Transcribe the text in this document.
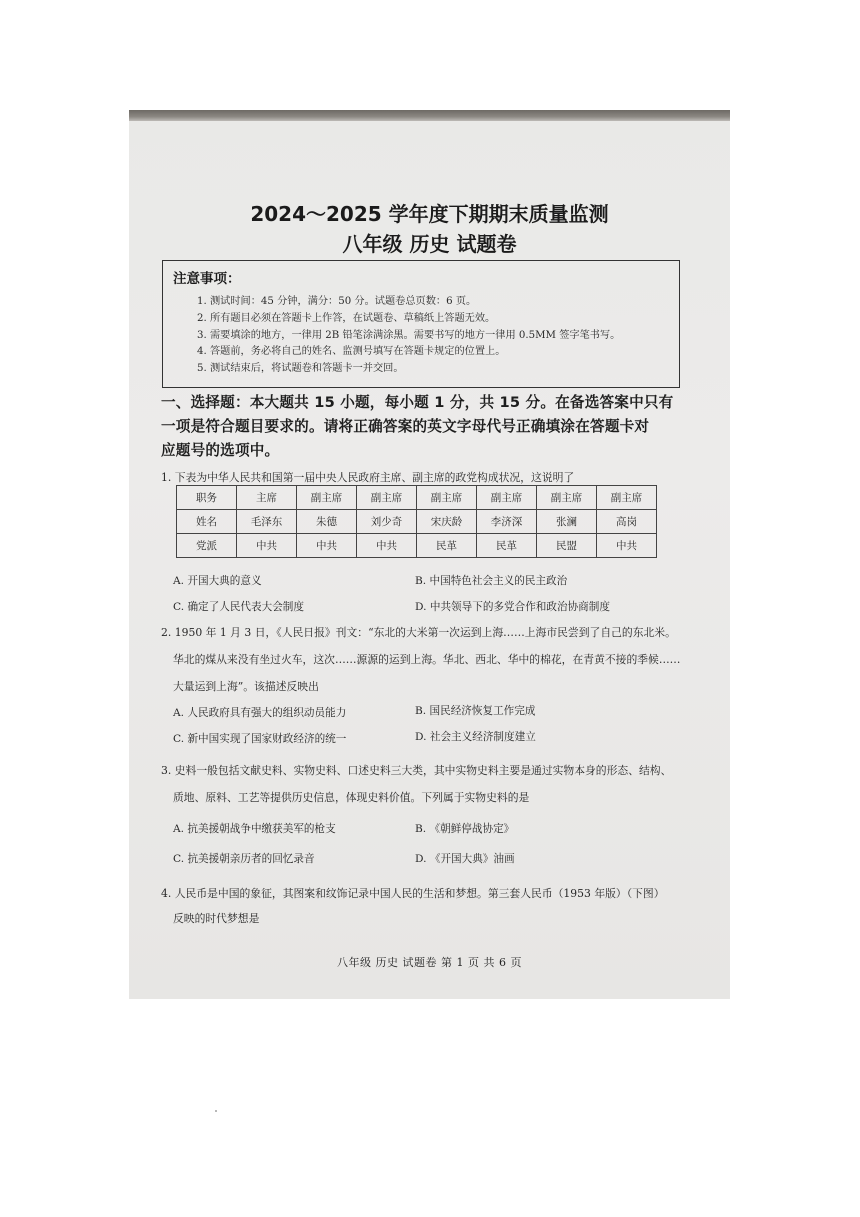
2024～2025 学年度下期期末质量监测
八年级 历史 试题卷
注意事项：
1. 测试时间：45 分钟，满分：50 分。试题卷总页数：6 页。
2. 所有题目必须在答题卡上作答，在试题卷、草稿纸上答题无效。
3. 需要填涂的地方，一律用 2B 铅笔涂满涂黑。需要书写的地方一律用 0.5MM 签字笔书写。
4. 答题前，务必将自己的姓名、监测号填写在答题卡规定的位置上。
5. 测试结束后，将试题卷和答题卡一并交回。
一、选择题：本大题共 15 小题，每小题 1 分，共 15 分。在备选答案中只有
一项是符合题目要求的。请将正确答案的英文字母代号正确填涂在答题卡对
应题号的选项中。
1. 下表为中华人民共和国第一届中央人民政府主席、副主席的政党构成状况，这说明了
职务	主席	副主席	副主席	副主席	副主席	副主席	副主席
姓名	毛泽东	朱德	刘少奇	宋庆龄	李济深	张澜	高岗
党派	中共	中共	中共	民革	民革	民盟	中共
A. 开国大典的意义	B. 中国特色社会主义的民主政治
C. 确定了人民代表大会制度	D. 中共领导下的多党合作和政治协商制度
2. 1950 年 1 月 3 日，《人民日报》刊文：“东北的大米第一次运到上海……上海市民尝到了自己的东北米。
华北的煤从来没有坐过火车，这次……源源的运到上海。华北、西北、华中的棉花，在青黄不接的季候……
大量运到上海”。该描述反映出
A. 人民政府具有强大的组织动员能力	B. 国民经济恢复工作完成
C. 新中国实现了国家财政经济的统一	D. 社会主义经济制度建立
3. 史料一般包括文献史料、实物史料、口述史料三大类，其中实物史料主要是通过实物本身的形态、结构、
质地、原料、工艺等提供历史信息，体现史料价值。下列属于实物史料的是
A. 抗美援朝战争中缴获美军的枪支	B. 《朝鲜停战协定》
C. 抗美援朝亲历者的回忆录音	D. 《开国大典》油画
4. 人民币是中国的象征，其图案和纹饰记录中国人民的生活和梦想。第三套人民币（1953 年版）（下图）
反映的时代梦想是
八年级 历史 试题卷 第 1 页 共 6 页
